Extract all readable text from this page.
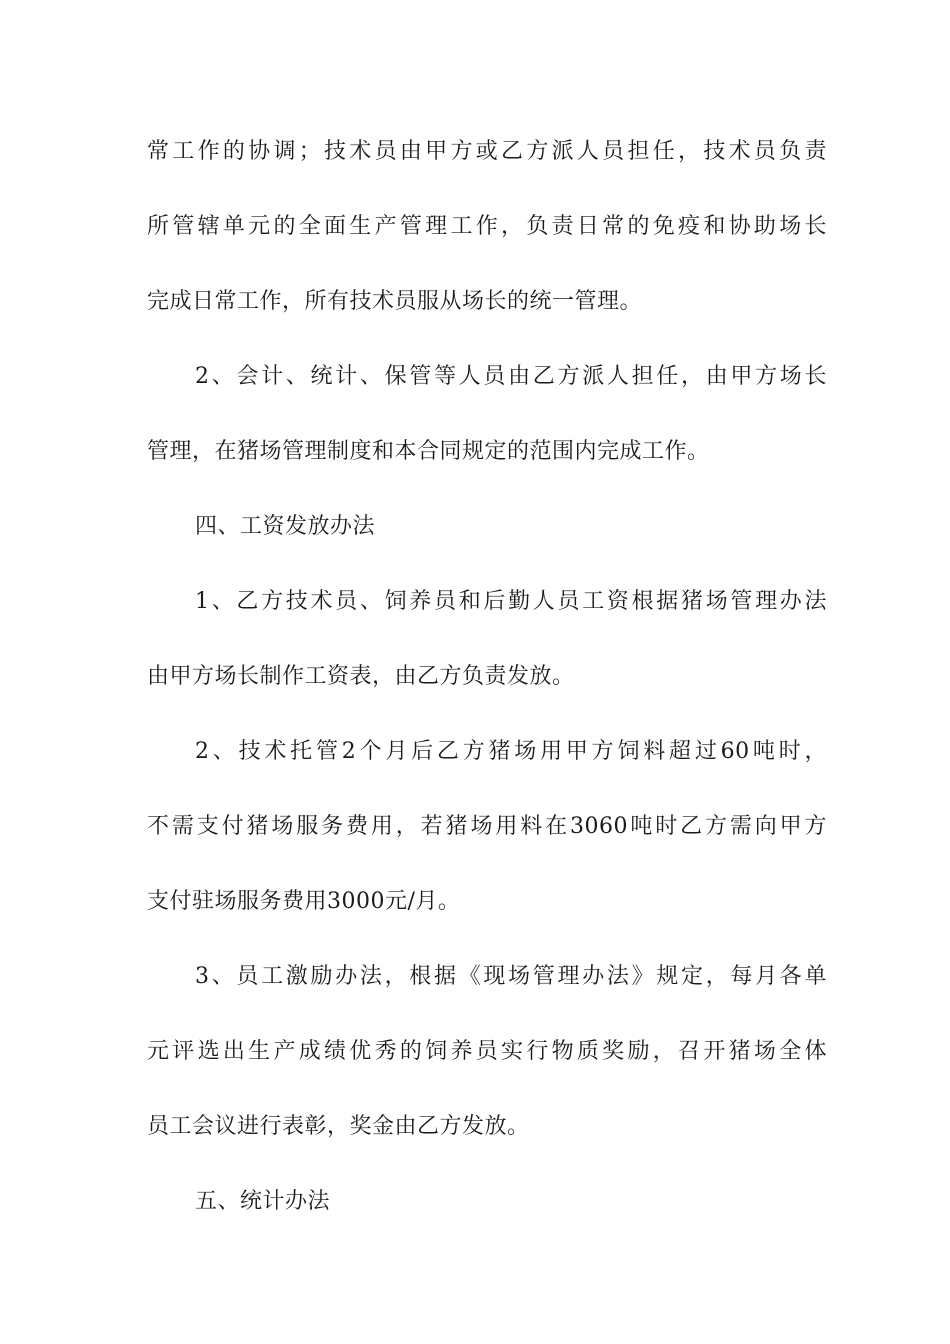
常工作的协调；技术员由甲方或乙方派人员担任，技术员负责
所管辖单元的全面生产管理工作，负责日常的免疫和协助场长
完成日常工作，所有技术员服从场长的统一管理。
2、会计、统计、保管等人员由乙方派人担任，由甲方场长
管理，在猪场管理制度和本合同规定的范围内完成工作。
四、工资发放办法
1、乙方技术员、饲养员和后勤人员工资根据猪场管理办法
由甲方场长制作工资表，由乙方负责发放。
2、技术托管2个月后乙方猪场用甲方饲料超过60吨时，
不需支付猪场服务费用，若猪场用料在3060吨时乙方需向甲方
支付驻场服务费用3000元/月。
3、员工激励办法，根据《现场管理办法》规定，每月各单
元评选出生产成绩优秀的饲养员实行物质奖励，召开猪场全体
员工会议进行表彰，奖金由乙方发放。
五、统计办法
